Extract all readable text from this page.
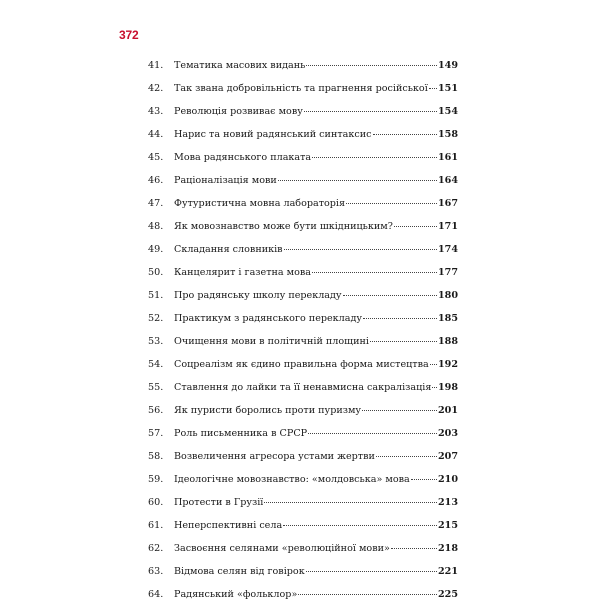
372
41.	Тематика масових видань	149
42.	Так звана добровільність та прагнення російської 151
43.	Революція розвиває мову	154
44.	Нарис та новий радянський синтаксис	158
45.	Мова радянського плаката	161
46.	Раціоналізація мови	164
47.	Футуристична мовна лабораторія	167
48.	Як мовознавство може бути шкідницьким?	171
49.	Складання словників	174
50.	Канцелярит і газетна мова	177
51.	Про радянську школу перекладу	180
52.	Практикум з радянського перекладу	185
53.	Очищення мови в політичній площині	188
54.	Соцреалізм як єдино правильна форма мистецтва 192
55.	Ставлення до лайки та її ненавмисна сакралізація 198
56.	Як пуристи боролись проти пуризму	201
57.	Роль письменника в СРСР	203
58.	Возвеличення агресора устами жертви	207
59.	Ідеологічне мовознавство: «молдовська» мова	210
60.	Протести в Грузії	213
61.	Неперспективні села	215
62.	Засвоєння селянами «революційної мови»	218
63.	Відмова селян від говірок	221
64.	Радянський «фольклор»	225
